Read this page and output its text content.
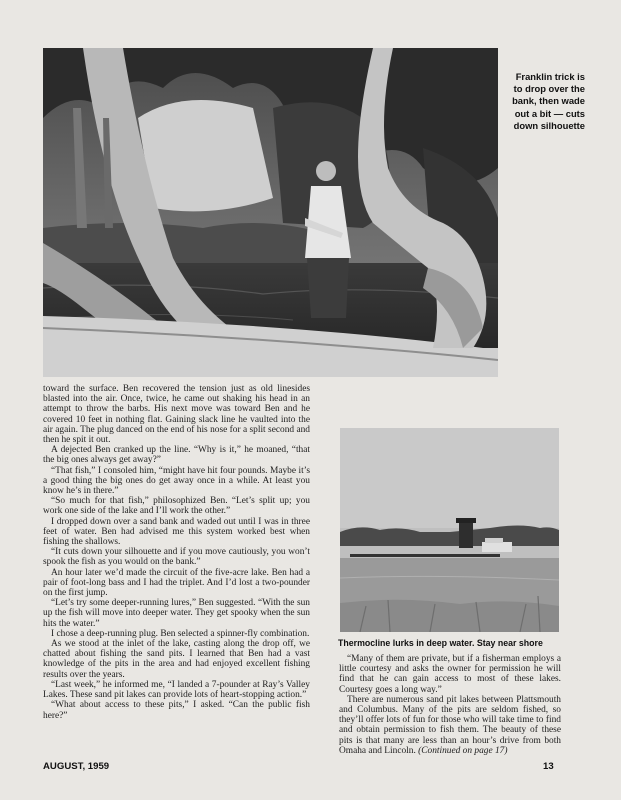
Franklin trick is to drop over the bank, then wade out a bit — cuts down silhouette

toward the surface. Ben recovered the tension just as old linesides blasted into the air. Once, twice, he came out shaking his head in an attempt to throw the barbs. His next move was toward Ben and he covered 10 feet in nothing flat. Gaining slack line he vaulted into the air again. The plug danced on the end of his nose for a split second and then he spit it out.

A dejected Ben cranked up the line. “Why is it,” he moaned, “that the big ones always get away?”

“That fish,” I consoled him, “might have hit four pounds. Maybe it’s a good thing the big ones do get away once in a while. At least you know he’s in there.”

“So much for that fish,” philosophized Ben. “Let’s split up; you work one side of the lake and I’ll work the other.”

I dropped down over a sand bank and waded out until I was in three feet of water. Ben had advised me this system worked best when fishing the shallows.

“It cuts down your silhouette and if you move cautiously, you won’t spook the fish as you would on the bank.”

An hour later we’d made the circuit of the five-acre lake. Ben had a pair of foot-long bass and I had the triplet. And I’d lost a two-pounder on the first jump.

“Let’s try some deeper-running lures,” Ben suggested. “With the sun up the fish will move into deeper water. They get spooky when the sun hits the water.”

I chose a deep-running plug. Ben selected a spinner-fly combination.

As we stood at the inlet of the lake, casting along the drop off, we chatted about fishing the sand pits. I learned that Ben had a vast knowledge of the pits in the area and had enjoyed excellent fishing results over the years.

“Last week,” he informed me, “I landed a 7-pounder at Ray’s Valley Lakes. These sand pit lakes can provide lots of heart-stopping action.”

“What about access to these pits,” I asked. “Can the public fish here?”

Thermocline lurks in deep water. Stay near shore

“Many of them are private, but if a fisherman employs a little courtesy and asks the owner for permission he will find that he can gain access to most of these lakes. Courtesy goes a long way.”

There are numerous sand pit lakes between Plattsmouth and Columbus. Many of the pits are seldom fished, so they’ll offer lots of fun for those who will take time to find and obtain permission to fish them. The beauty of these pits is that many are less than an hour’s drive from both Omaha and Lincoln. (Continued on page 17)

AUGUST, 1959	13
